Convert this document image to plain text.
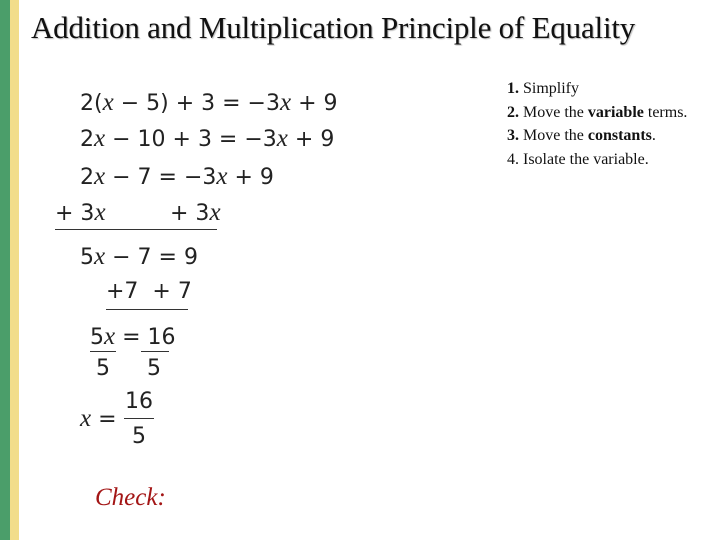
Addition and Multiplication Principle of Equality
2(x − 5) + 3 = −3x + 9
2x − 10 + 3 = −3x + 9
2x − 7 = −3x + 9
+ 3x	+ 3x
5x − 7 = 9
+7  + 7
5x = 16
5 5
x =
16
5
1. Simplify
2. Move the variable terms.
3. Move the constants.
4. Isolate the variable.
Check:
